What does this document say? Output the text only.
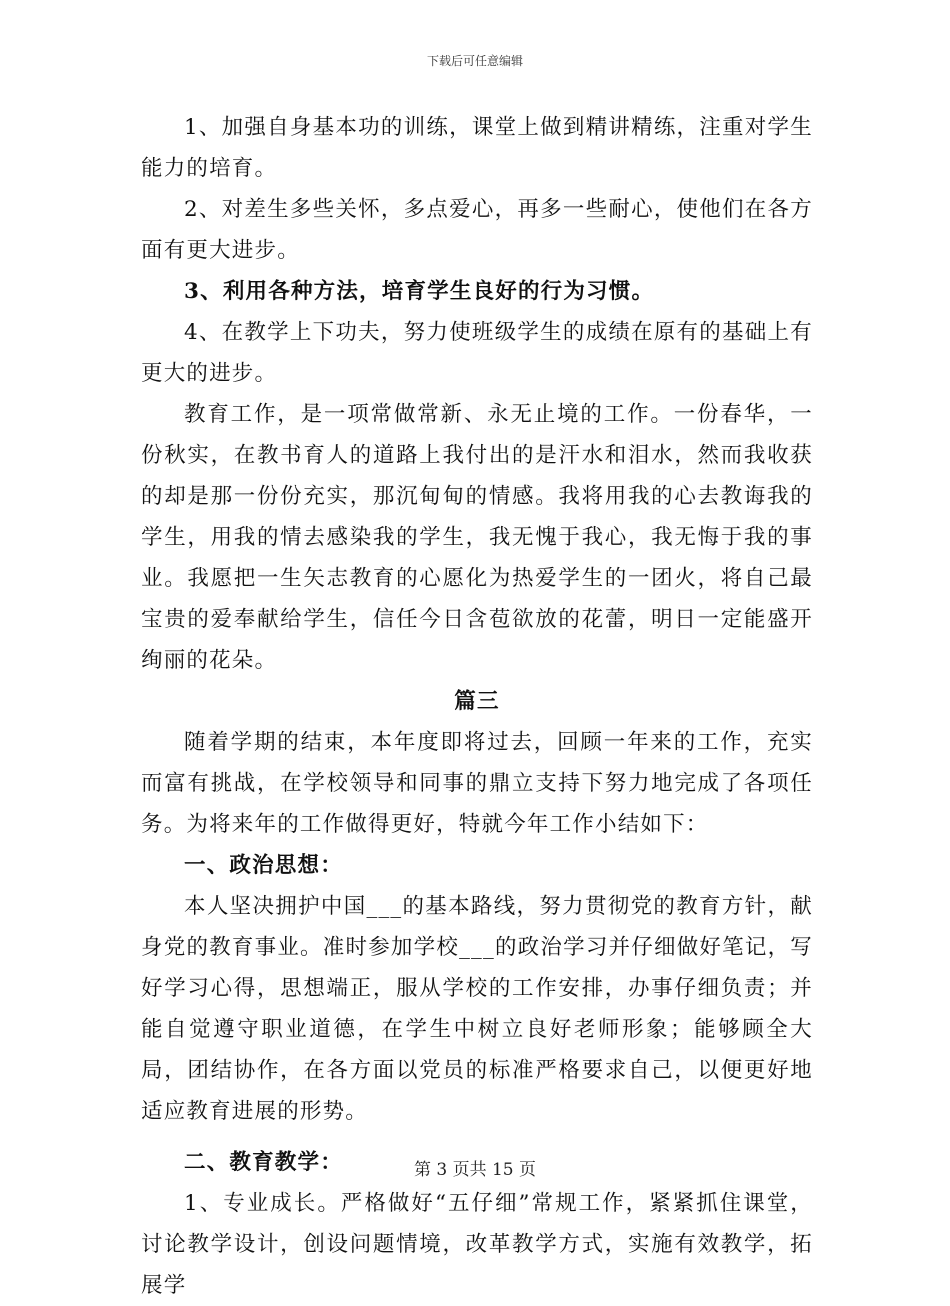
下载后可任意编辑

1、加强自身基本功的训练，课堂上做到精讲精练，注重对学生能力的培育。

2、对差生多些关怀，多点爱心，再多一些耐心，使他们在各方面有更大进步。

3、利用各种方法，培育学生良好的行为习惯。

4、在教学上下功夫，努力使班级学生的成绩在原有的基础上有更大的进步。

教育工作，是一项常做常新、永无止境的工作。一份春华，一份秋实，在教书育人的道路上我付出的是汗水和泪水，然而我收获的却是那一份份充实，那沉甸甸的情感。我将用我的心去教诲我的学生，用我的情去感染我的学生，我无愧于我心，我无悔于我的事业。我愿把一生矢志教育的心愿化为热爱学生的一团火，将自己最宝贵的爱奉献给学生，信任今日含苞欲放的花蕾，明日一定能盛开绚丽的花朵。

篇三

随着学期的结束，本年度即将过去，回顾一年来的工作，充实而富有挑战，在学校领导和同事的鼎立支持下努力地完成了各项任务。为将来年的工作做得更好，特就今年工作小结如下：

一、政治思想：

本人坚决拥护中国___的基本路线，努力贯彻党的教育方针，献身党的教育事业。准时参加学校___的政治学习并仔细做好笔记，写好学习心得，思想端正，服从学校的工作安排，办事仔细负责；并能自觉遵守职业道德，在学生中树立良好老师形象；能够顾全大局，团结协作，在各方面以党员的标准严格要求自己，以便更好地适应教育进展的形势。

二、教育教学：

1、专业成长。严格做好“五仔细”常规工作，紧紧抓住课堂，讨论教学设计，创设问题情境，改革教学方式，实施有效教学，拓展学

第 3 页共 15 页
